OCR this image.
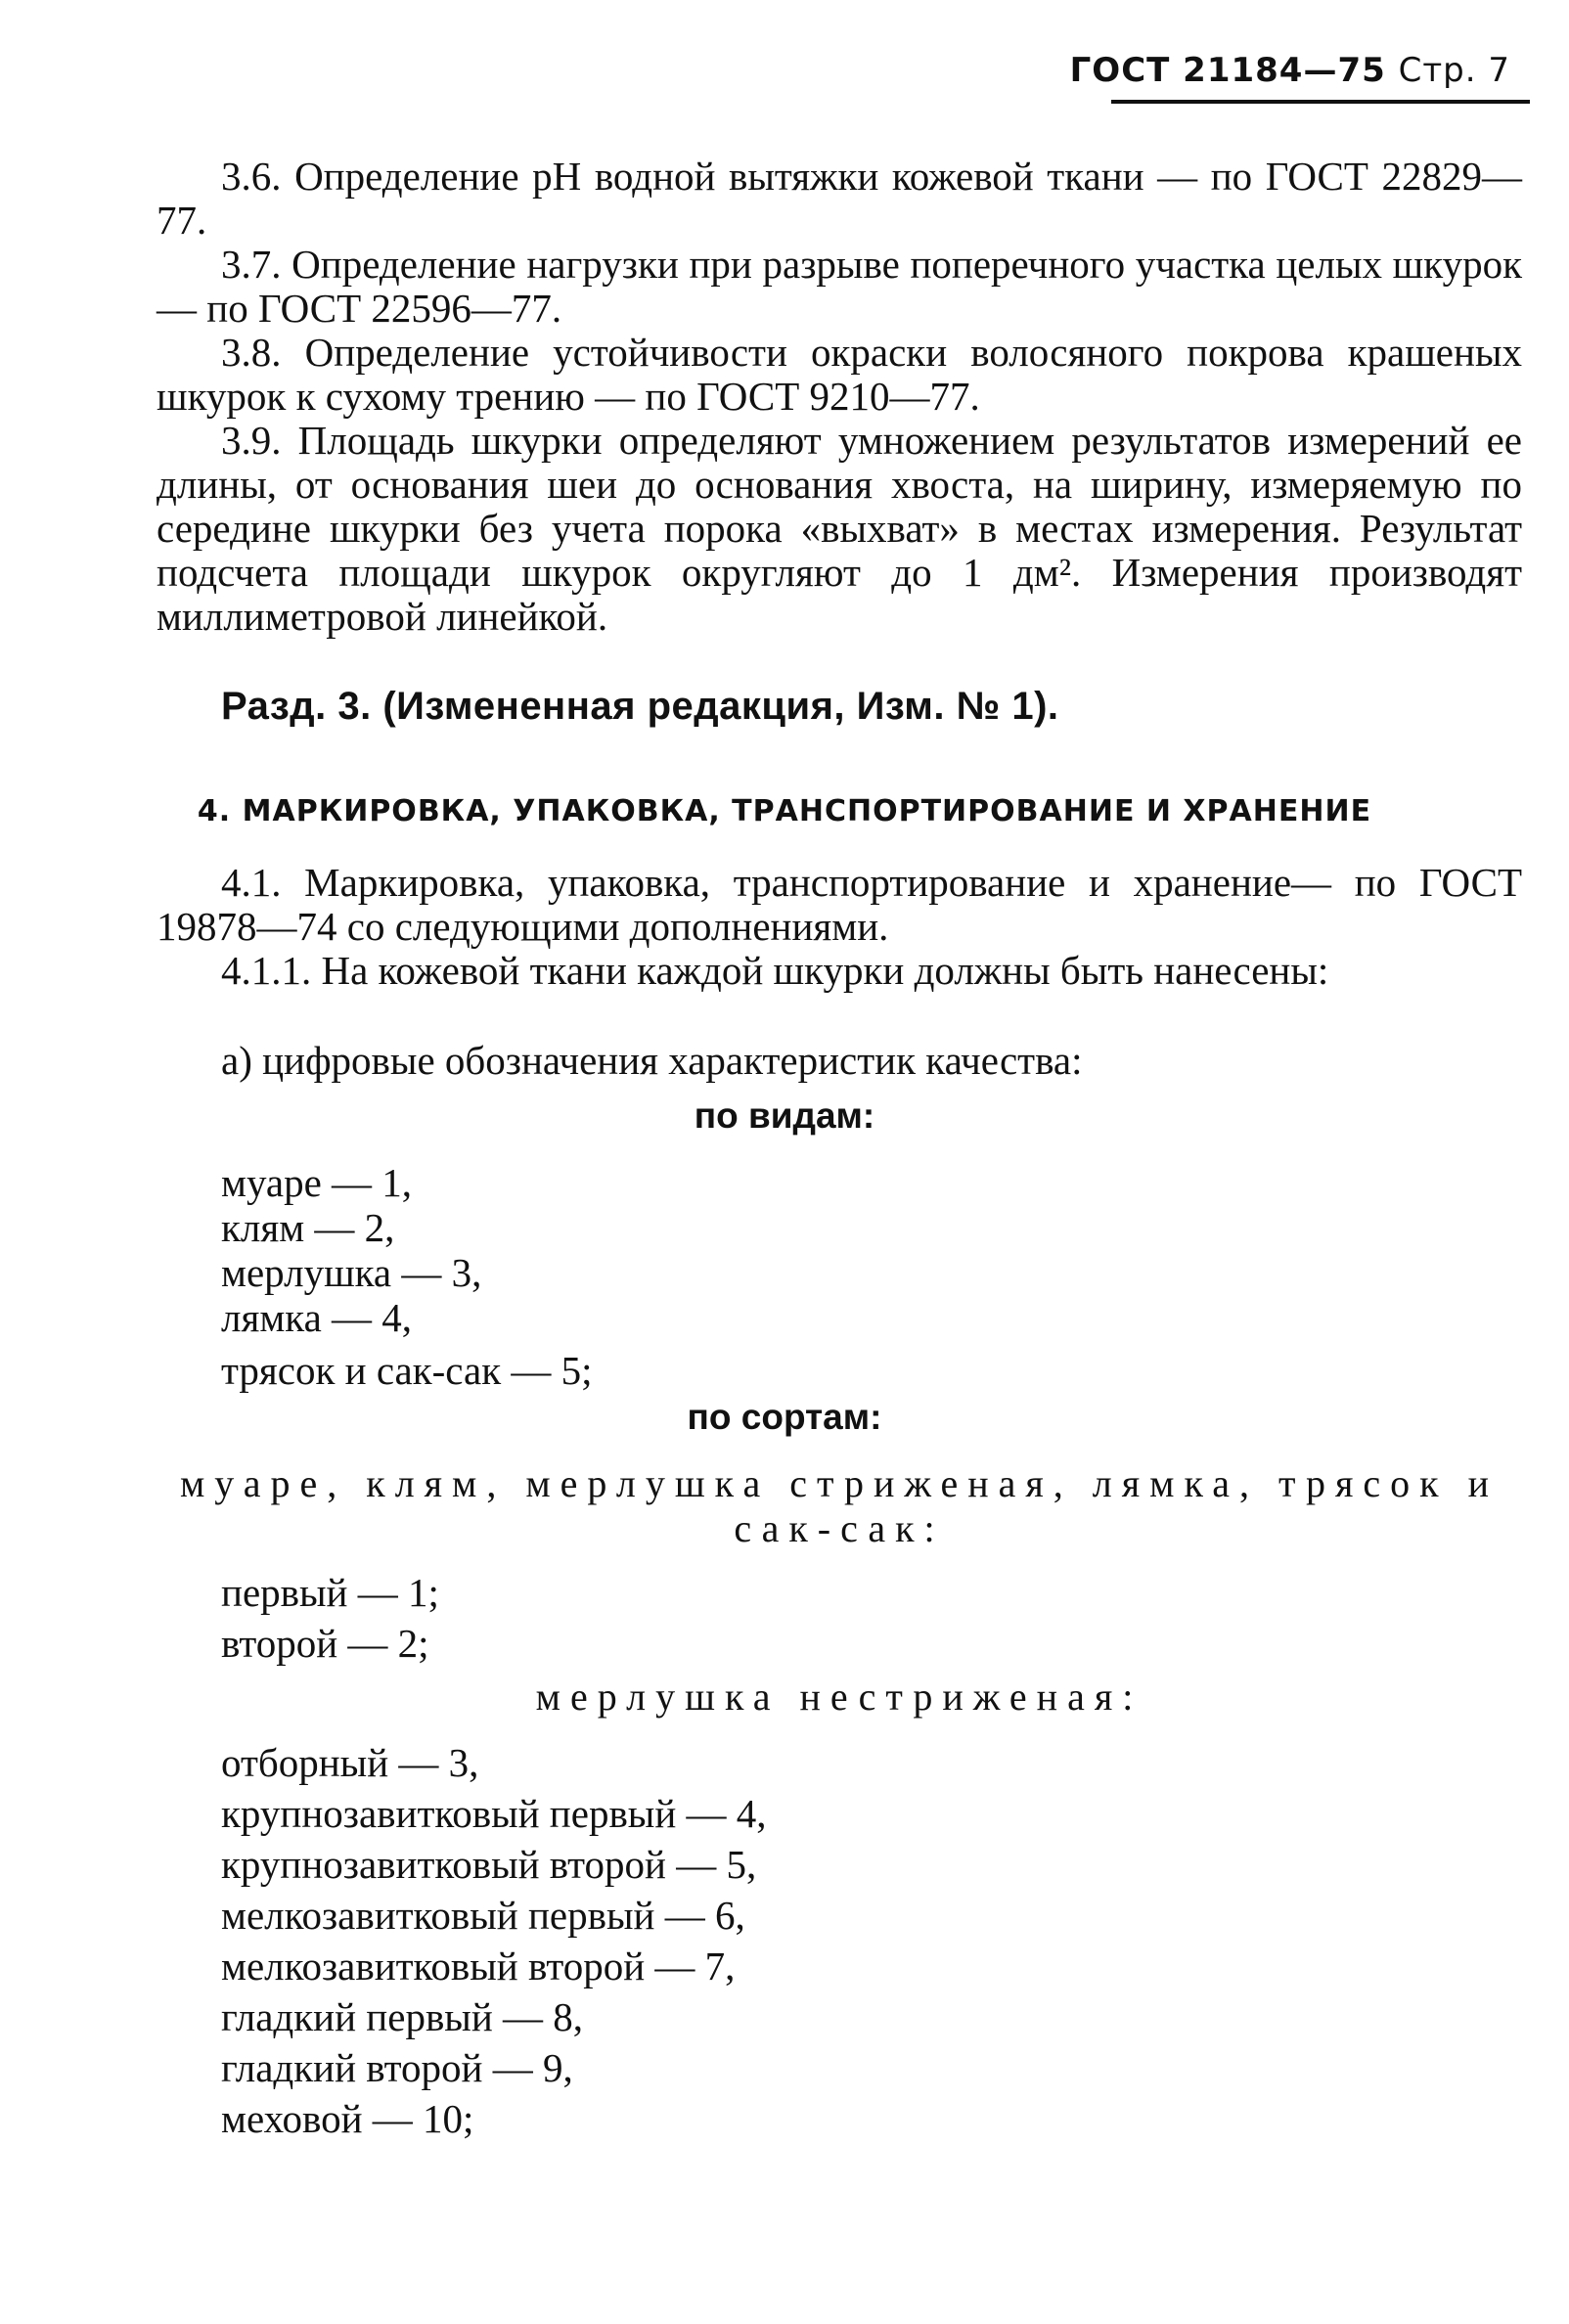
ГОСТ 21184—75 Стр. 7

3.6. Определение pH водной вытяжки кожевой ткани — по ГОСТ 22829—77.

3.7. Определение нагрузки при разрыве поперечного участка целых шкурок — по ГОСТ 22596—77.

3.8. Определение устойчивости окраски волосяного покрова крашеных шкурок к сухому трению — по ГОСТ 9210—77.

3.9. Площадь шкурки определяют умножением результатов измерений ее длины, от основания шеи до основания хвоста, на ширину, измеряемую по середине шкурки без учета порока «выхват» в местах измерения. Результат подсчета площади шкурок округляют до 1 дм². Измерения производят миллиметровой линейкой.

Разд. 3. (Измененная редакция, Изм. № 1).
4. МАРКИРОВКА, УПАКОВКА, ТРАНСПОРТИРОВАНИЕ И ХРАНЕНИЕ

4.1. Маркировка, упаковка, транспортирование и хранение— по ГОСТ 19878—74 со следующими дополнениями.

4.1.1. На кожевой ткани каждой шкурки должны быть нанесены:

а) цифровые обозначения характеристик качества:

по видам:
муаре — 1,
клям — 2,
мерлушка — 3,
лямка — 4,
трясок и сак-сак — 5;
по сортам:

муаре, клям, мерлушка стриженая, лямка, трясок и сак-сак:

первый — 1;
второй — 2;

мерлушка нестриженая:

отборный — 3,
крупнозавитковый первый — 4,
крупнозавитковый второй — 5,
мелкозавитковый первый — 6,
мелкозавитковый второй — 7,
гладкий первый — 8,
гладкий второй — 9,
меховой — 10;
